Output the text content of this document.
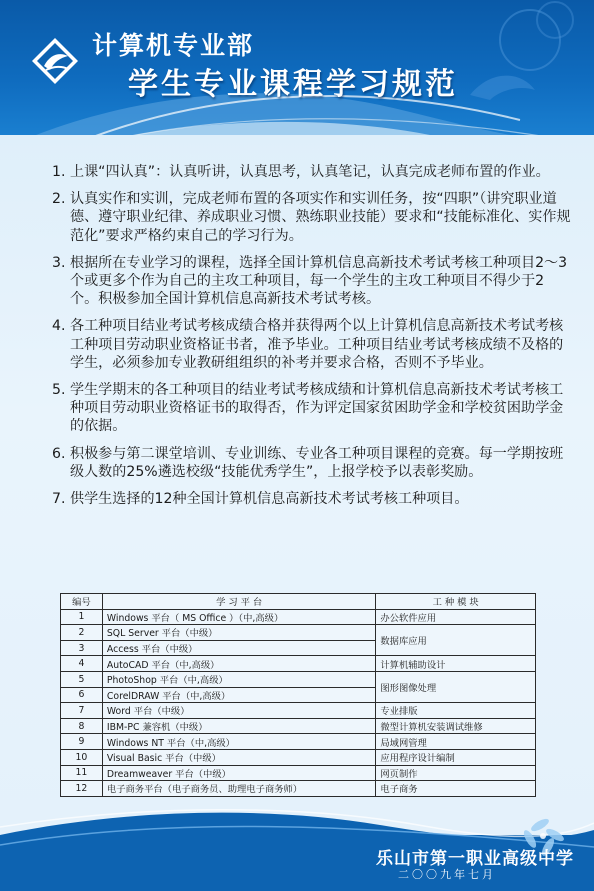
计算机专业部
学生专业课程学习规范
1. 上课“四认真”：认真听讲，认真思考，认真笔记，认真完成老师布置的作业。
2. 认真实作和实训，完成老师布置的各项实作和实训任务，按“四职”（讲究职业道德、遵守职业纪律、养成职业习惯、熟练职业技能）要求和“技能标准化、实作规范化”要求严格约束自己的学习行为。
3. 根据所在专业学习的课程，选择全国计算机信息高新技术考试考核工种项目2～3个或更多个作为自己的主攻工种项目，每一个学生的主攻工种项目不得少于2个。积极参加全国计算机信息高新技术考试考核。
4. 各工种项目结业考试考核成绩合格并获得两个以上计算机信息高新技术考试考核工种项目劳动职业资格证书者，准予毕业。工种项目结业考试考核成绩不及格的学生，必须参加专业教研组组织的补考并要求合格，否则不予毕业。
5. 学生学期末的各工种项目的结业考试考核成绩和计算机信息高新技术考试考核工种项目劳动职业资格证书的取得否，作为评定国家贫困助学金和学校贫困助学金的依据。
6. 积极参与第二课堂培训、专业训练、专业各工种项目课程的竞赛。每一学期按班级人数的25%遴选校级“技能优秀学生”，上报学校予以表彰奖励。
7. 供学生选择的12种全国计算机信息高新技术考试考核工种项目。
编号	学 习 平 台	工 种 模 块
1	Windows 平台（ MS Office ）（中,高级）	办公软件应用
2	SQL Server 平台（中级）	数据库应用
3	Access 平台（中级）	
4	AutoCAD 平台（中,高级）	计算机辅助设计
5	PhotoShop 平台（中,高级）	图形图像处理
6	CorelDRAW 平台（中,高级）	
7	Word 平台（中级）	专业排版
8	IBM-PC 兼容机（中级）	微型计算机安装调试维修
9	Windows NT 平台（中,高级）	局域网管理
10	Visual Basic 平台（中级）	应用程序设计编制
11	Dreamweaver 平台（中级）	网页制作
12	电子商务平台（电子商务员、助理电子商务师）	电子商务
乐山市第一职业高级中学
二〇〇九年七月
